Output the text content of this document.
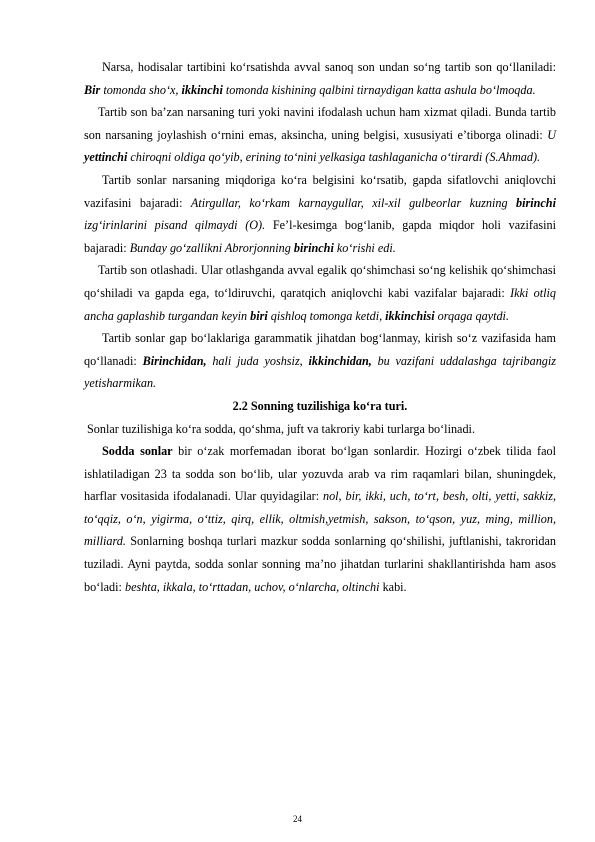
Narsa, hodisalar tartibini ko‘rsatishda avval sanoq son undan so‘ng tartib son qo‘llaniladi: Bir tomonda sho‘x, ikkinchi tomonda kishining qalbini tirnaydigan katta ashula bo‘lmoqda.

Tartib son ba’zan narsaning turi yoki navini ifodalash uchun ham xizmat qiladi. Bunda tartib son narsaning joylashish o‘rnini emas, aksincha, uning belgisi, xususiyati e’tiborga olinadi: U yettinchi chiroqni oldiga qo‘yib, erining to‘nini yelkasiga tashlaganicha o‘tirardi (S.Ahmad).

Tartib sonlar narsaning miqdoriga ko‘ra belgisini ko‘rsatib, gapda sifatlovchi aniqlovchi vazifasini bajaradi: Atirgullar, ko‘rkam karnaygullar, xil-xil gulbeorlar kuzning birinchi izg‘irinlarini pisand qilmaydi (O). Fe’l-kesimga bog‘lanib, gapda miqdor holi vazifasini bajaradi: Bunday go‘zallikni Abrorjonning birinchi ko‘rishi edi.

Tartib son otlashadi. Ular otlashganda avval egalik qo‘shimchasi so‘ng kelishik qo‘shimchasi qo‘shiladi va gapda ega, to‘ldiruvchi, qaratqich aniqlovchi kabi vazifalar bajaradi: Ikki otliq ancha gaplashib turgandan keyin biri qishloq tomonga ketdi, ikkinchisi orqaga qaytdi.

Tartib sonlar gap bo‘laklariga garammatik jihatdan bog‘lanmay, kirish so‘z vazifasida ham qo‘llanadi: Birinchidan, hali juda yoshsiz, ikkinchidan, bu vazifani uddalashga tajribangiz yetisharmikan.

2.2 Sonning tuzilishiga ko‘ra turi.

Sonlar tuzilishiga ko‘ra sodda, qo‘shma, juft va takroriy kabi turlarga bo‘linadi.

Sodda sonlar bir o‘zak morfemadan iborat bo‘lgan sonlardir. Hozirgi o‘zbek tilida faol ishlatiladigan 23 ta sodda son bo‘lib, ular yozuvda arab va rim raqamlari bilan, shuningdek, harflar vositasida ifodalanadi. Ular quyidagilar: nol, bir, ikki, uch, to‘rt, besh, olti, yetti, sakkiz, to‘qqiz, o‘n, yigirma, o‘ttiz, qirq, ellik, oltmish,yetmish, sakson, to‘qson, yuz, ming, million, milliard. Sonlarning boshqa turlari mazkur sodda sonlarning qo‘shilishi, juftlanishi, takroridan tuziladi. Ayni paytda, sodda sonlar sonning ma’no jihatdan turlarini shakllantirishda ham asos bo‘ladi: beshta, ikkala, to‘rttadan, uchov, o‘nlarcha, oltinchi kabi.

24
